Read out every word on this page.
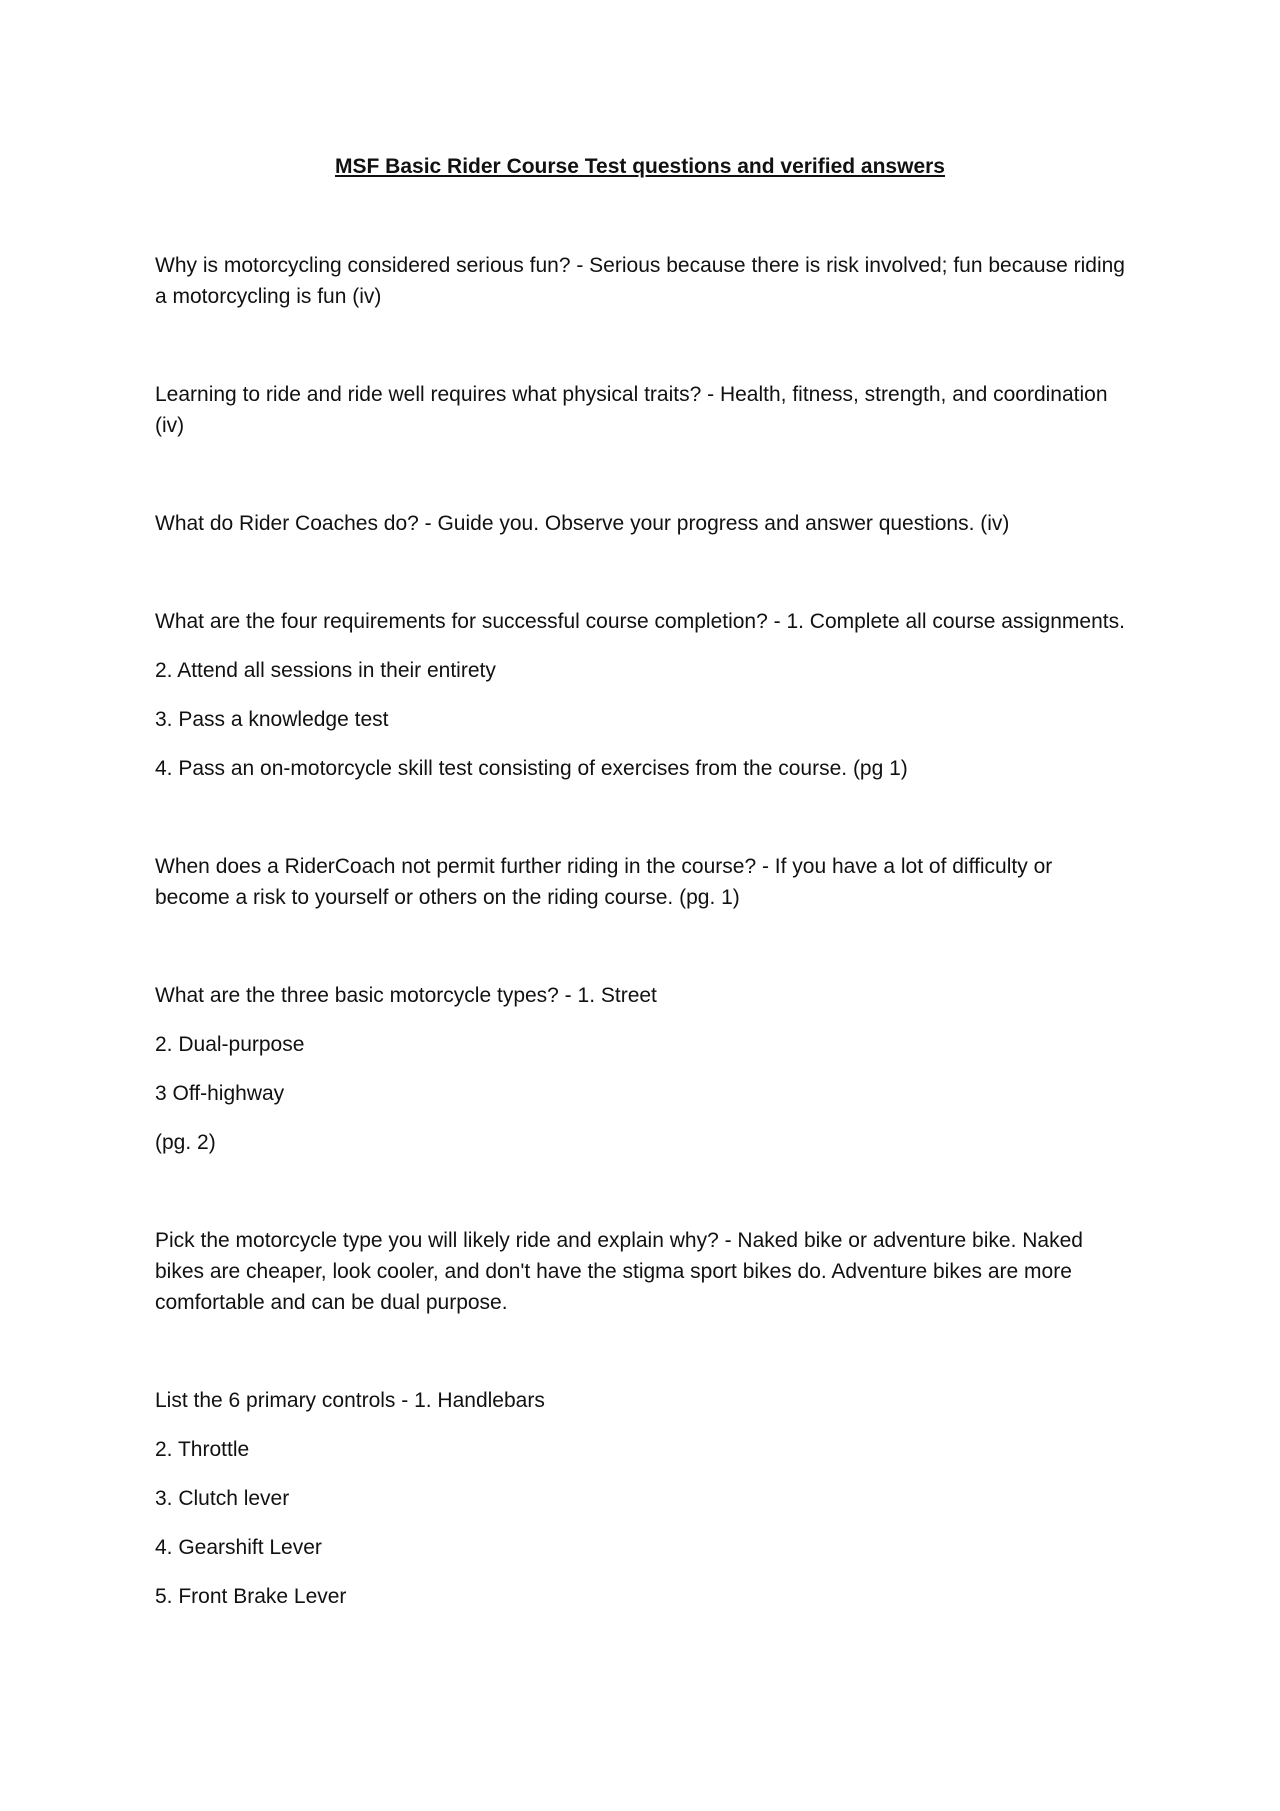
MSF Basic Rider Course Test questions and verified answers

Why is motorcycling considered serious fun? - Serious because there is risk involved; fun because riding a motorcycling is fun (iv)

Learning to ride and ride well requires what physical traits? - Health, fitness, strength, and coordination (iv)

What do Rider Coaches do? - Guide you. Observe your progress and answer questions. (iv)

What are the four requirements for successful course completion? - 1. Complete all course assignments.

2. Attend all sessions in their entirety

3. Pass a knowledge test

4. Pass an on-motorcycle skill test consisting of exercises from the course. (pg 1)

When does a RiderCoach not permit further riding in the course? - If you have a lot of difficulty or become a risk to yourself or others on the riding course. (pg. 1)

What are the three basic motorcycle types? - 1. Street

2. Dual-purpose

3 Off-highway

(pg. 2)

Pick the motorcycle type you will likely ride and explain why? - Naked bike or adventure bike. Naked bikes are cheaper, look cooler, and don't have the stigma sport bikes do. Adventure bikes are more comfortable and can be dual purpose.

List the 6 primary controls - 1. Handlebars

2. Throttle

3. Clutch lever

4. Gearshift Lever

5. Front Brake Lever
